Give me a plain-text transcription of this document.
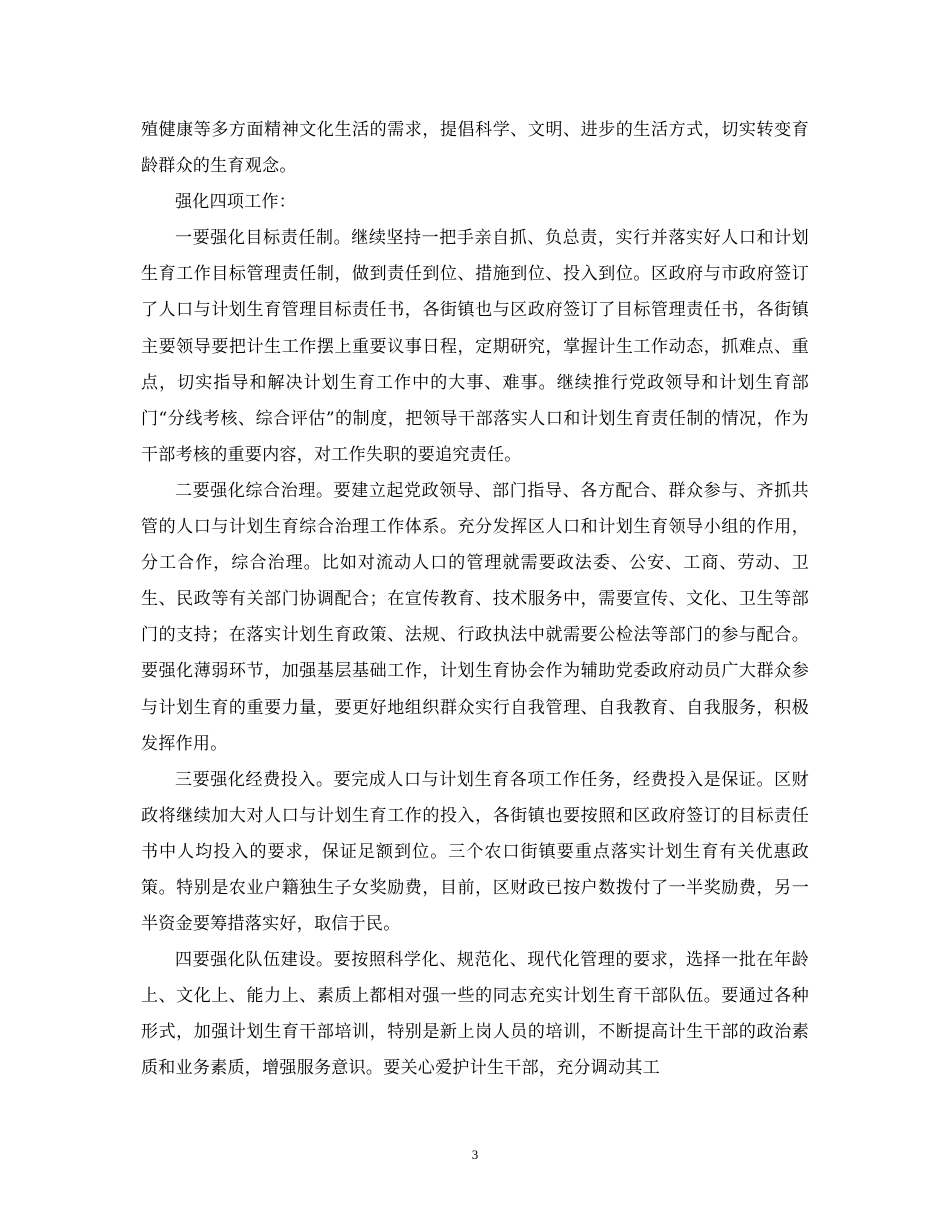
殖健康等多方面精神文化生活的需求，提倡科学、文明、进步的生活方式，切实转变育龄群众的生育观念。

强化四项工作：

一要强化目标责任制。继续坚持一把手亲自抓、负总责，实行并落实好人口和计划生育工作目标管理责任制，做到责任到位、措施到位、投入到位。区政府与市政府签订了人口与计划生育管理目标责任书，各街镇也与区政府签订了目标管理责任书，各街镇主要领导要把计生工作摆上重要议事日程，定期研究，掌握计生工作动态，抓难点、重点，切实指导和解决计划生育工作中的大事、难事。继续推行党政领导和计划生育部门“分线考核、综合评估”的制度，把领导干部落实人口和计划生育责任制的情况，作为干部考核的重要内容，对工作失职的要追究责任。

二要强化综合治理。要建立起党政领导、部门指导、各方配合、群众参与、齐抓共管的人口与计划生育综合治理工作体系。充分发挥区人口和计划生育领导小组的作用，分工合作，综合治理。比如对流动人口的管理就需要政法委、公安、工商、劳动、卫生、民政等有关部门协调配合；在宣传教育、技术服务中，需要宣传、文化、卫生等部门的支持；在落实计划生育政策、法规、行政执法中就需要公检法等部门的参与配合。要强化薄弱环节，加强基层基础工作，计划生育协会作为辅助党委政府动员广大群众参与计划生育的重要力量，要更好地组织群众实行自我管理、自我教育、自我服务，积极发挥作用。

三要强化经费投入。要完成人口与计划生育各项工作任务，经费投入是保证。区财政将继续加大对人口与计划生育工作的投入，各街镇也要按照和区政府签订的目标责任书中人均投入的要求，保证足额到位。三个农口街镇要重点落实计划生育有关优惠政策。特别是农业户籍独生子女奖励费，目前，区财政已按户数拨付了一半奖励费，另一半资金要筹措落实好，取信于民。

四要强化队伍建设。要按照科学化、规范化、现代化管理的要求，选择一批在年龄上、文化上、能力上、素质上都相对强一些的同志充实计划生育干部队伍。要通过各种形式，加强计划生育干部培训，特别是新上岗人员的培训，不断提高计生干部的政治素质和业务素质，增强服务意识。要关心爱护计生干部，充分调动其工

3
